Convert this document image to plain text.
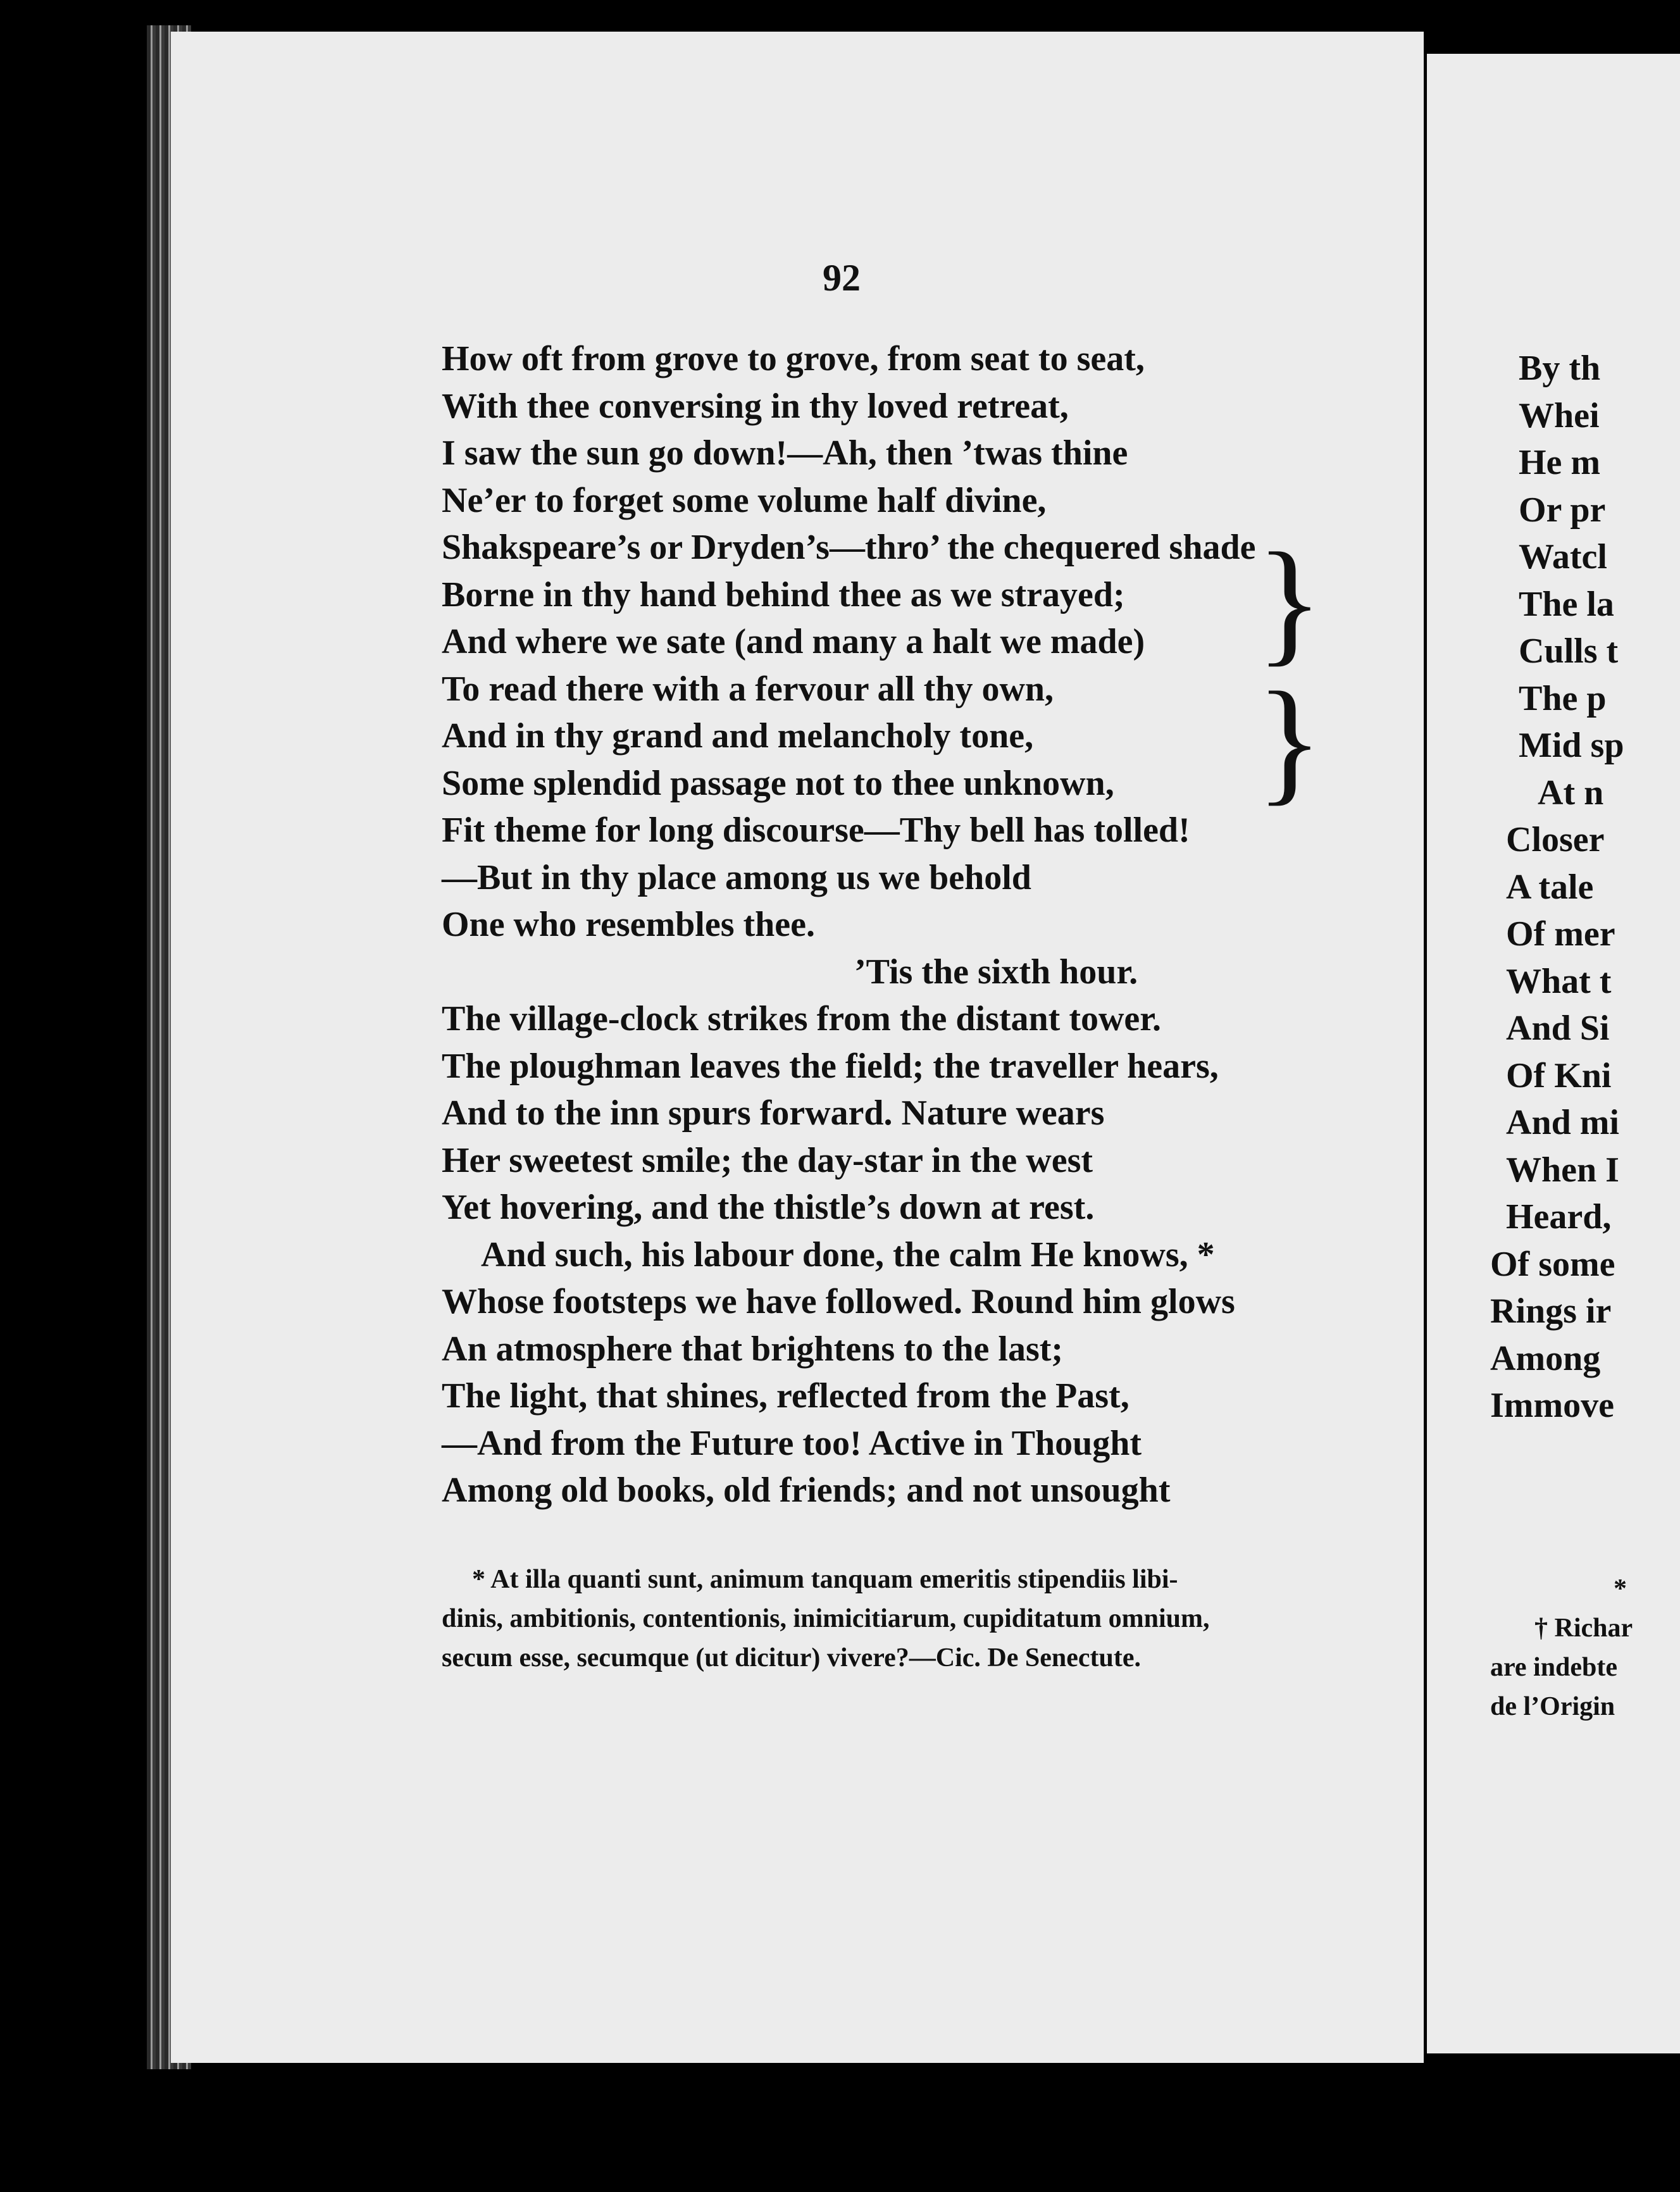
92
How oft from grove to grove, from seat to seat,
With thee conversing in thy loved retreat,
I saw the sun go down!—Ah, then ’twas thine
Ne’er to forget some volume half divine,
Shakspeare’s or Dryden’s—thro’ the chequered shade
Borne in thy hand behind thee as we strayed;
And where we sate (and many a halt we made)
To read there with a fervour all thy own,
And in thy grand and melancholy tone,
Some splendid passage not to thee unknown,
Fit theme for long discourse—Thy bell has tolled!
—But in thy place among us we behold
One who resembles thee.
’Tis the sixth hour.
The village-clock strikes from the distant tower.
The ploughman leaves the field; the traveller hears,
And to the inn spurs forward. Nature wears
Her sweetest smile; the day-star in the west
Yet hovering, and the thistle’s down at rest.
And such, his labour done, the calm He knows, *
Whose footsteps we have followed. Round him glows
An atmosphere that brightens to the last;
The light, that shines, reflected from the Past,
—And from the Future too! Active in Thought
Among old books, old friends; and not unsought
}
}
* At illa quanti sunt, animum tanquam emeritis stipendiis libi-
dinis, ambitionis, contentionis, inimicitiarum, cupiditatum omnium,
secum esse, secumque (ut dicitur) vivere?—Cic. De Senectute.
By th
Whei
He m
Or pr
Watcl
The la
Culls t
The p
Mid sp
At n
Closer
A tale
Of mer
What t
And Si
Of Kni
And mi
When I
Heard,
Of some
Rings ir
Among
Immove
*
† Richar
are indebte
de l’Origin
